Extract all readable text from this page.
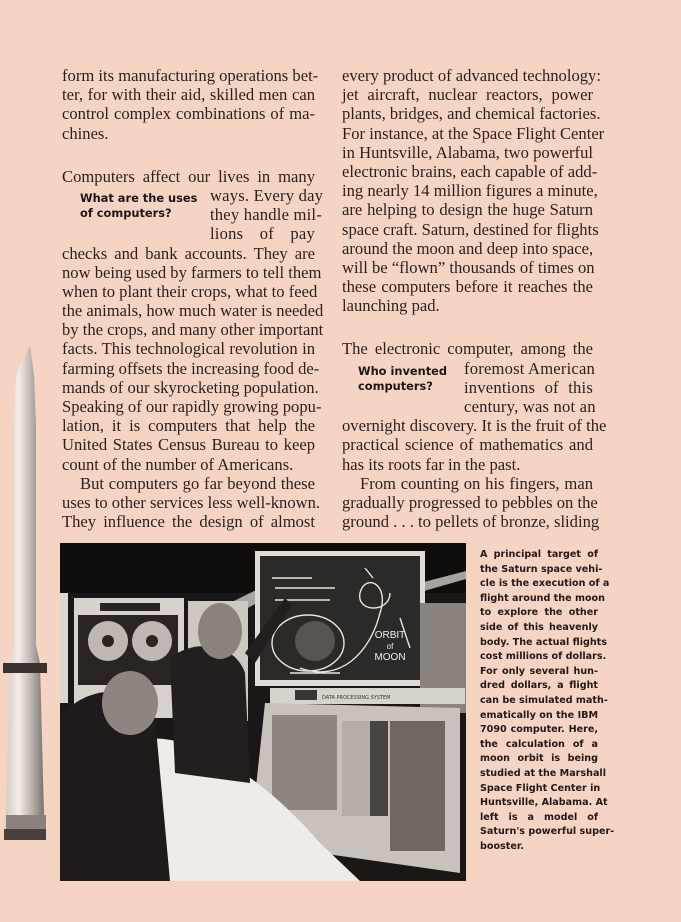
form its manufacturing operations bet-
ter, for with their aid, skilled men can
control complex combinations of ma-
chines.
Computers affect our lives in many
ways. Every day
they handle mil-
lions of pay
checks and bank accounts. They are
now being used by farmers to tell them
when to plant their crops, what to feed
the animals, how much water is needed
by the crops, and many other important
facts. This technological revolution in
farming offsets the increasing food de-
mands of our skyrocketing population.
Speaking of our rapidly growing popu-
lation, it is computers that help the
United States Census Bureau to keep
count of the number of Americans.
What are the uses
of computers?
But computers go far beyond these
uses to other services less well-known.
They influence the design of almost
every product of advanced technology:
jet aircraft, nuclear reactors, power
plants, bridges, and chemical factories.
For instance, at the Space Flight Center
in Huntsville, Alabama, two powerful
electronic brains, each capable of add-
ing nearly 14 million figures a minute,
are helping to design the huge Saturn
space craft. Saturn, destined for flights
around the moon and deep into space,
will be “flown” thousands of times on
these computers before it reaches the
launching pad.
The electronic computer, among the
foremost American
inventions of this
century, was not an
overnight discovery. It is the fruit of the
practical science of mathematics and
has its roots far in the past.
Who invented
computers?
From counting on his fingers, man
gradually progressed to pebbles on the
ground . . . to pellets of bronze, sliding
ORBIT
of
MOON
DATA PROCESSING SYSTEM
A principal target of
the Saturn space vehi-
cle is the execution of a
flight around the moon
to explore the other
side of this heavenly
body. The actual flights
cost millions of dollars.
For only several hun-
dred dollars, a flight
can be simulated math-
ematically on the IBM
7090 computer. Here,
the calculation of a
moon orbit is being
studied at the Marshall
Space Flight Center in
Huntsville, Alabama. At
left is a model of
Saturn's powerful super-
booster.
